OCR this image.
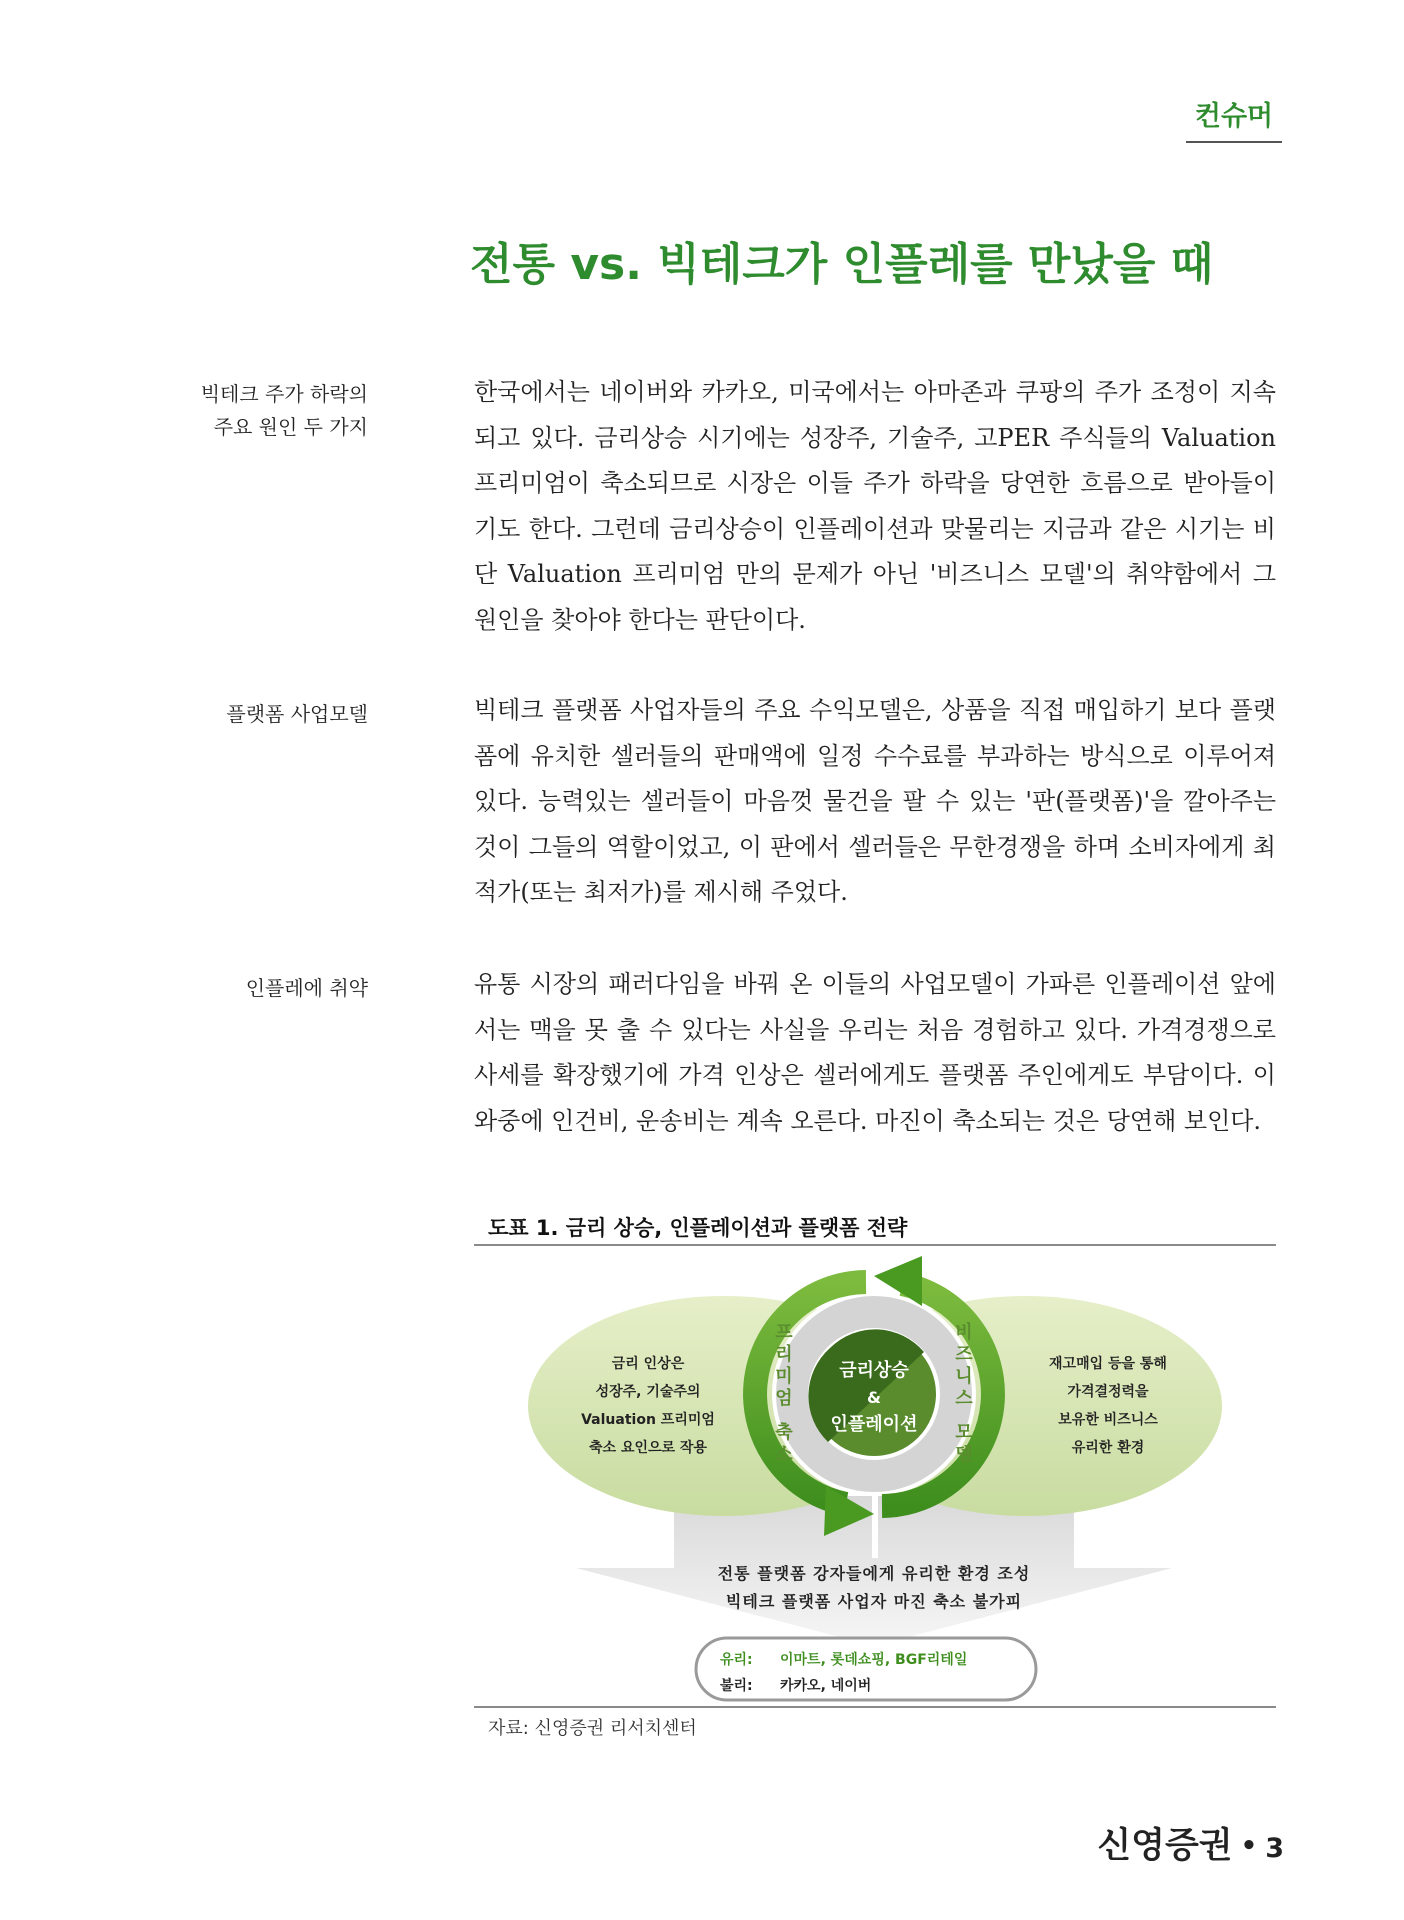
컨슈머
전통 vs. 빅테크가 인플레를 만났을 때
빅테크 주가 하락의
주요 원인 두 가지

한국에서는 네이버와 카카오, 미국에서는 아마존과 쿠팡의 주가 조정이 지속되고 있다. 금리상승 시기에는 성장주, 기술주, 고PER 주식들의 Valuation 프리미엄이 축소되므로 시장은 이들 주가 하락을 당연한 흐름으로 받아들이기도 한다. 그런데 금리상승이 인플레이션과 맞물리는 지금과 같은 시기는 비단 Valuation 프리미엄 만의 문제가 아닌 '비즈니스 모델'의 취약함에서 그 원인을 찾아야 한다는 판단이다.

플랫폼 사업모델	빅테크 플랫폼 사업자들의 주요 수익모델은, 상품을 직접 매입하기 보다 플랫폼에 유치한 셀러들의 판매액에 일정 수수료를 부과하는 방식으로 이루어져 있다. 능력있는 셀러들이 마음껏 물건을 팔 수 있는 '판(플랫폼)'을 깔아주는 것이 그들의 역할이었고, 이 판에서 셀러들은 무한경쟁을 하며 소비자에게 최적가(또는 최저가)를 제시해 주었다.

인플레에 취약	유통 시장의 패러다임을 바꿔 온 이들의 사업모델이 가파른 인플레이션 앞에서는 맥을 못 출 수 있다는 사실을 우리는 처음 경험하고 있다. 가격경쟁으로 사세를 확장했기에 가격 인상은 셀러에게도 플랫폼 주인에게도 부담이다. 이 와중에 인건비, 운송비는 계속 오른다. 마진이 축소되는 것은 당연해 보인다.

도표 1. 금리 상승, 인플레이션과 플랫폼 전략
금리상승
&
인플레이션
프
리
미
엄
축
소
비
즈
니
스
모
델
금리 인상은
성장주, 기술주의
Valuation 프리미엄
축소 요인으로 작용
재고매입 등을 통해
가격결정력을
보유한 비즈니스
유리한 환경
전통 플랫폼 강자들에게 유리한 환경 조성
빅테크 플랫폼 사업자 마진 축소 불가피
유리: 이마트, 롯데쇼핑, BGF리테일
불리: 카카오, 네이버
자료: 신영증권 리서치센터
신영증권 • 3
